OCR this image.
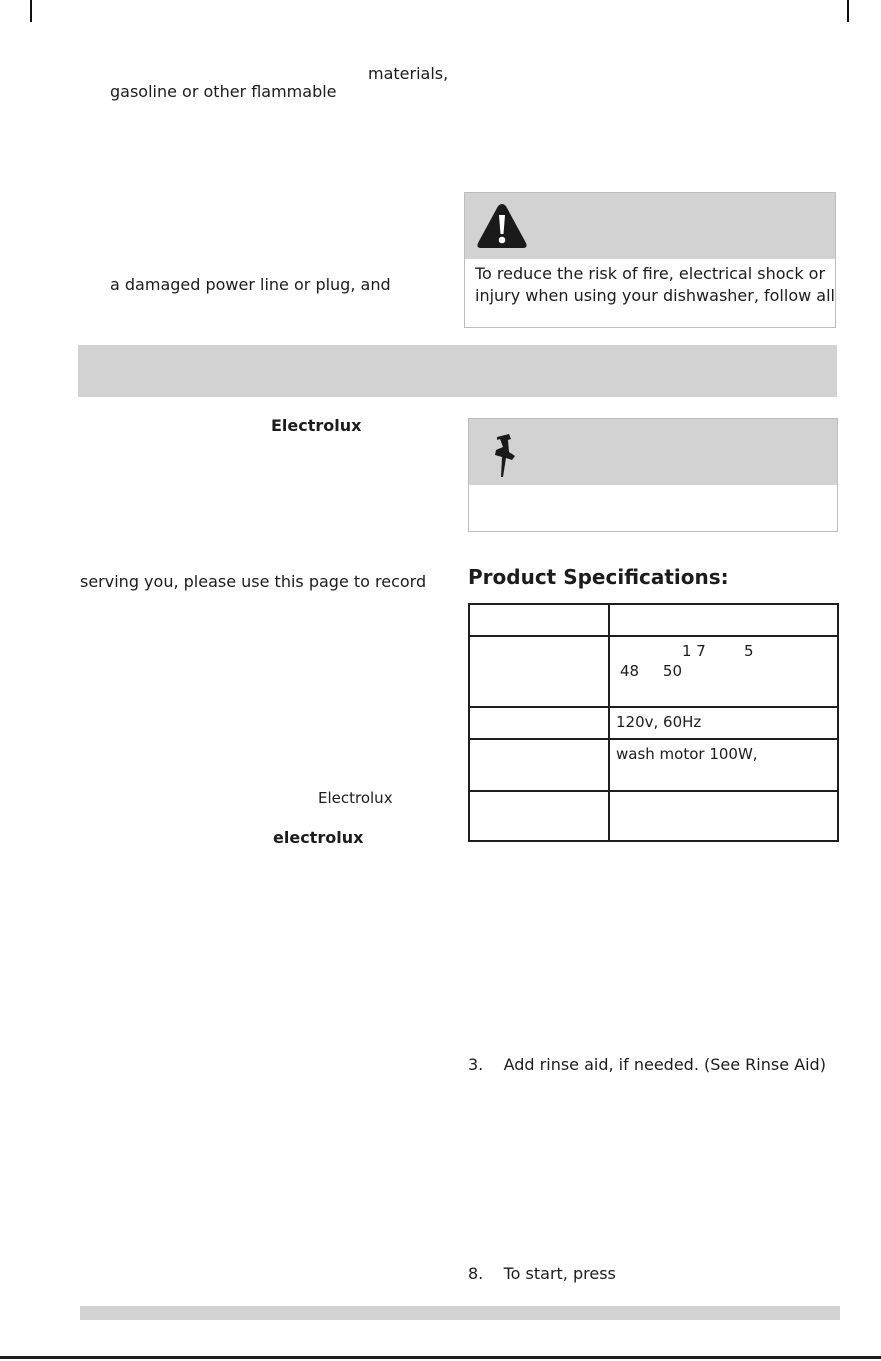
materials,
gasoline or other flammable
a damaged power line or plug, and
Electrolux
serving you, please use this page to record
Electrolux
electrolux
To reduce the risk of fire, electrical shock or
injury when using your dishwasher, follow all
Product Specifications:

	1 7        5
48     50

	120v, 60Hz
	wash motor 100W,

3.    Add rinse aid, if needed. (See Rinse Aid)
8.    To start, press
